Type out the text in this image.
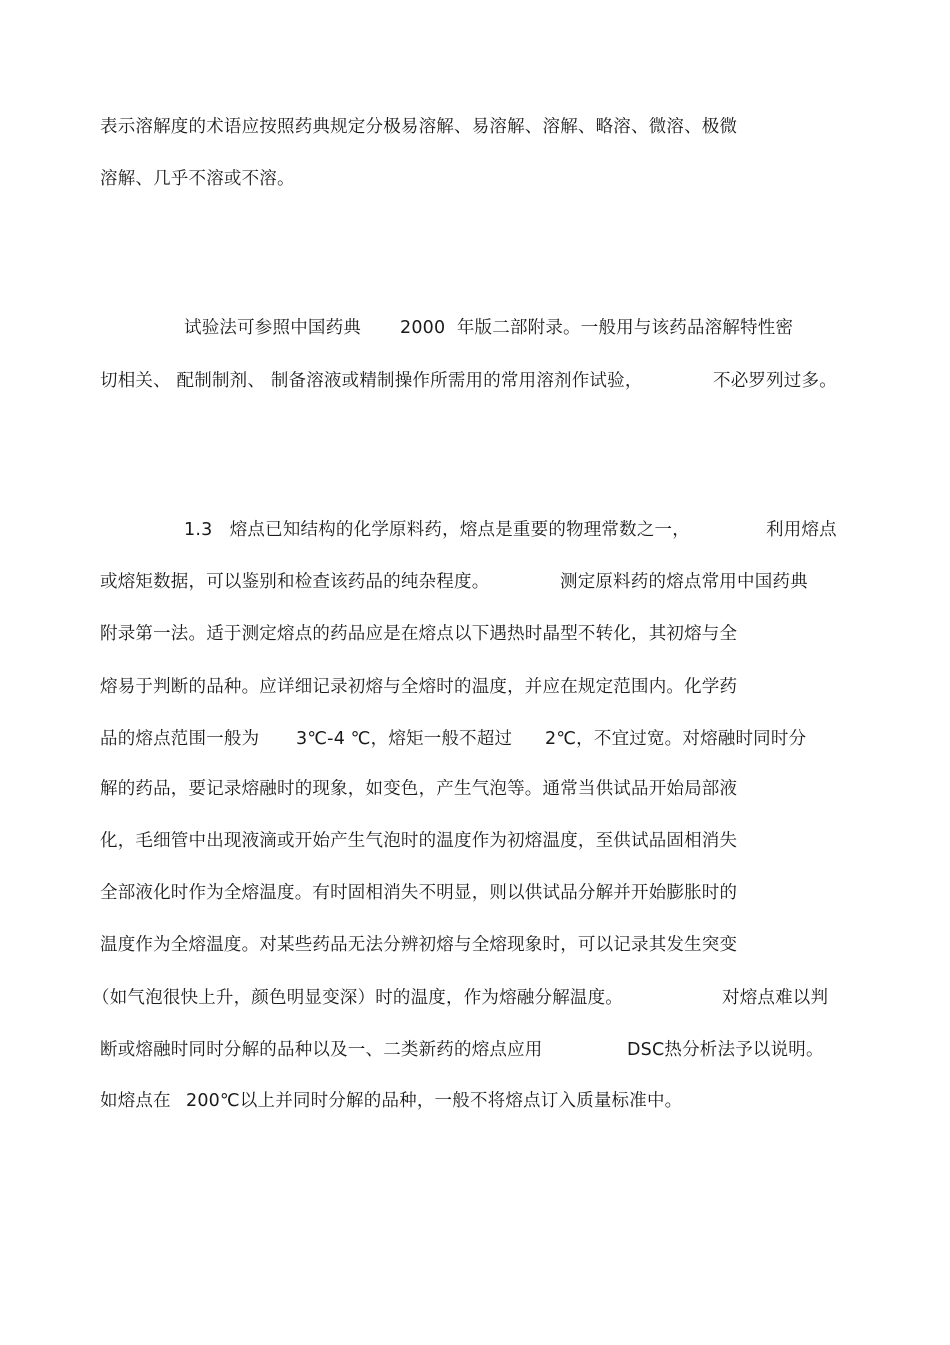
表示溶解度的术语应按照药典规定分极易溶解、易溶解、溶解、略溶、微溶、极微

溶解、几乎不溶或不溶。

试验法可参照中国药典

2000  年版二部附录。一般用与该药品溶解特性密

切相关、 配制制剂、 制备溶液或精制操作所需用的常用溶剂作试验，

	不必罗列过多。

1.3   熔点已知结构的化学原料药，熔点是重要的物理常数之一，

	利用熔点

或熔矩数据，可以鉴别和检查该药品的纯杂程度。

	测定原料药的熔点常用中国药典

附录第一法。适于测定熔点的药品应是在熔点以下遇热时晶型不转化，其初熔与全

熔易于判断的品种。应详细记录初熔与全熔时的温度，并应在规定范围内。化学药

品的熔点范围一般为

3℃-4 ℃，熔矩一般不超过

2℃，不宜过宽。对熔融时同时分

解的药品，要记录熔融时的现象，如变色，产生气泡等。通常当供试品开始局部液

化，毛细管中出现液滴或开始产生气泡时的温度作为初熔温度，至供试品固相消失

全部液化时作为全熔温度。有时固相消失不明显，则以供试品分解并开始膨胀时的

温度作为全熔温度。对某些药品无法分辨初熔与全熔现象时，可以记录其发生突变

（如气泡很快上升，颜色明显变深）时的温度，作为熔融分解温度。

	对熔点难以判

断或熔融时同时分解的品种以及一、二类新药的熔点应用

	DSC热分析法予以说明。

如熔点在

200℃以上并同时分解的品种，一般不将熔点订入质量标准中。
